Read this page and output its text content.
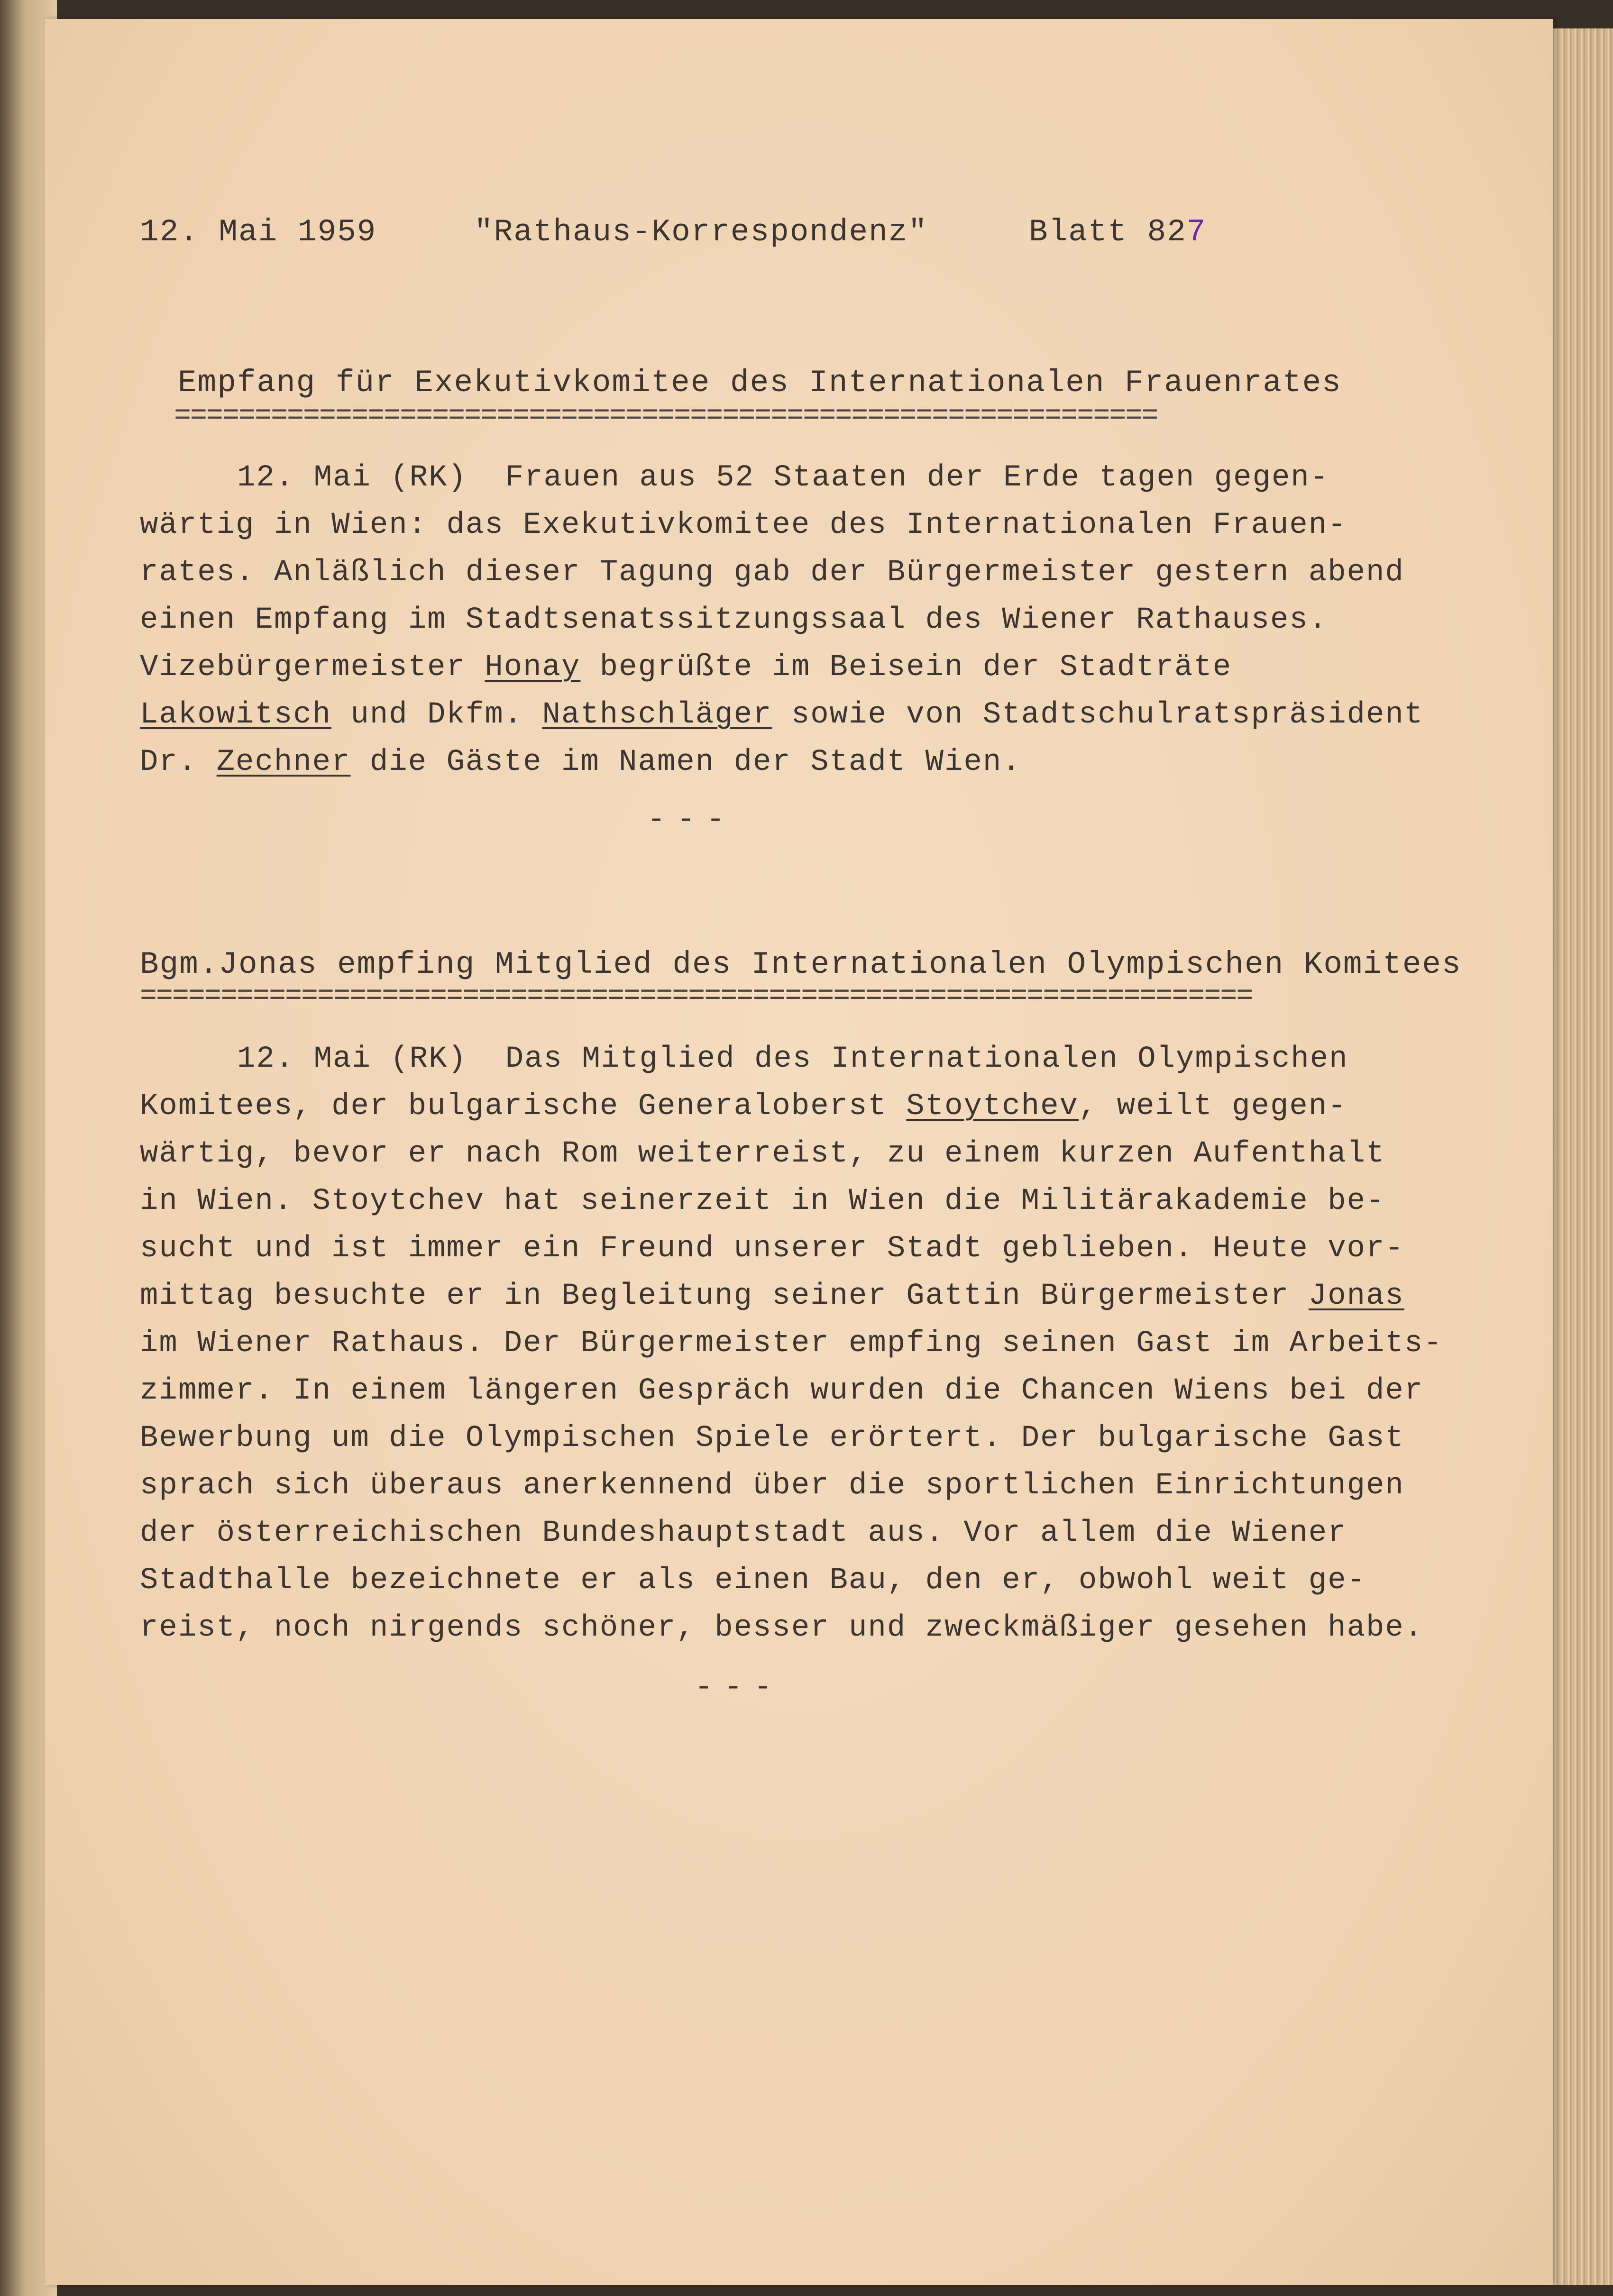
12. Mai 1959	"Rathaus-Korrespondenz"	Blatt 827
Empfang für Exekutivkomitee des Internationalen Frauenrates
=============================================================
12. Mai (RK)  Frauen aus 52 Staaten der Erde tagen gegen-
wärtig in Wien: das Exekutivkomitee des Internationalen Frauen-
rates. Anläßlich dieser Tagung gab der Bürgermeister gestern abend
einen Empfang im Stadtsenatssitzungssaal des Wiener Rathauses.
Vizebürgermeister Honay begrüßte im Beisein der Stadträte
Lakowitsch und Dkfm. Nathschläger sowie von Stadtschulratspräsident
Dr. Zechner die Gäste im Namen der Stadt Wien.
---
Bgm.Jonas empfing Mitglied des Internationalen Olympischen Komitees
=====================================================================
12. Mai (RK)  Das Mitglied des Internationalen Olympischen
Komitees, der bulgarische Generaloberst Stoytchev, weilt gegen-
wärtig, bevor er nach Rom weiterreist, zu einem kurzen Aufenthalt
in Wien. Stoytchev hat seinerzeit in Wien die Militärakademie be-
sucht und ist immer ein Freund unserer Stadt geblieben. Heute vor-
mittag besuchte er in Begleitung seiner Gattin Bürgermeister Jonas
im Wiener Rathaus. Der Bürgermeister empfing seinen Gast im Arbeits-
zimmer. In einem längeren Gespräch wurden die Chancen Wiens bei der
Bewerbung um die Olympischen Spiele erörtert. Der bulgarische Gast
sprach sich überaus anerkennend über die sportlichen Einrichtungen
der österreichischen Bundeshauptstadt aus. Vor allem die Wiener
Stadthalle bezeichnete er als einen Bau, den er, obwohl weit ge-
reist, noch nirgends schöner, besser und zweckmäßiger gesehen habe.
---
